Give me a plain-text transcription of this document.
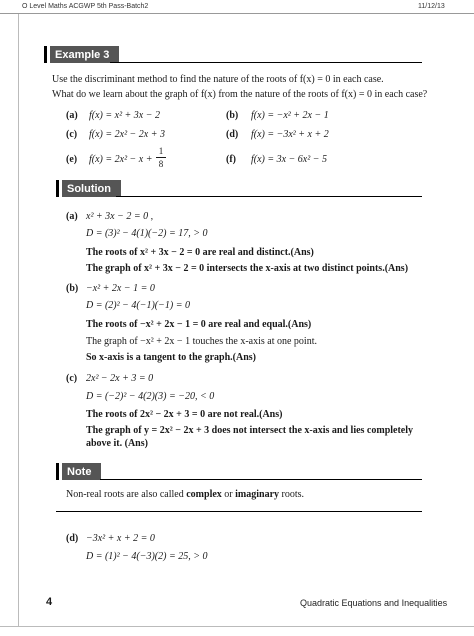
O Level Maths ACGWP 5th Pass-Batch2	11/12/13
Example 3
Use the discriminant method to find the nature of the roots of f(x) = 0 in each case.
What do we learn about the graph of f(x) from the nature of the roots of f(x) = 0 in each case?
(a) f(x) = x² + 3x − 2	(b) f(x) = −x² + 2x − 1
(c) f(x) = 2x² − 2x + 3	(d) f(x) = −3x² + x + 2
(e) f(x) = 2x² − x +
1
8	(f) f(x) = 3x − 6x² − 5
Solution
(a) x² + 3x − 2 = 0 ,
D = (3)² − 4(1)(−2) = 17, > 0
The roots of x² + 3x − 2 = 0 are real and distinct.(Ans)
The graph of x² + 3x − 2 = 0 intersects the x-axis at two distinct points.(Ans)
(b) −x² + 2x − 1 = 0
D = (2)² − 4(−1)(−1) = 0
The roots of −x² + 2x − 1 = 0 are real and equal.(Ans)
The graph of −x² + 2x − 1 touches the x-axis at one point.
So x-axis is a tangent to the graph.(Ans)
(c) 2x² − 2x + 3 = 0
D = (−2)² − 4(2)(3) = −20, < 0
The roots of 2x² − 2x + 3 = 0 are not real.(Ans)
The graph of y = 2x² − 2x + 3 does not intersect the x-axis and lies completely
above it. (Ans)
Note
Non-real roots are also called complex or imaginary roots.
(d) −3x² + x + 2 = 0
D = (1)² − 4(−3)(2) = 25, > 0
4	Quadratic Equations and Inequalities
